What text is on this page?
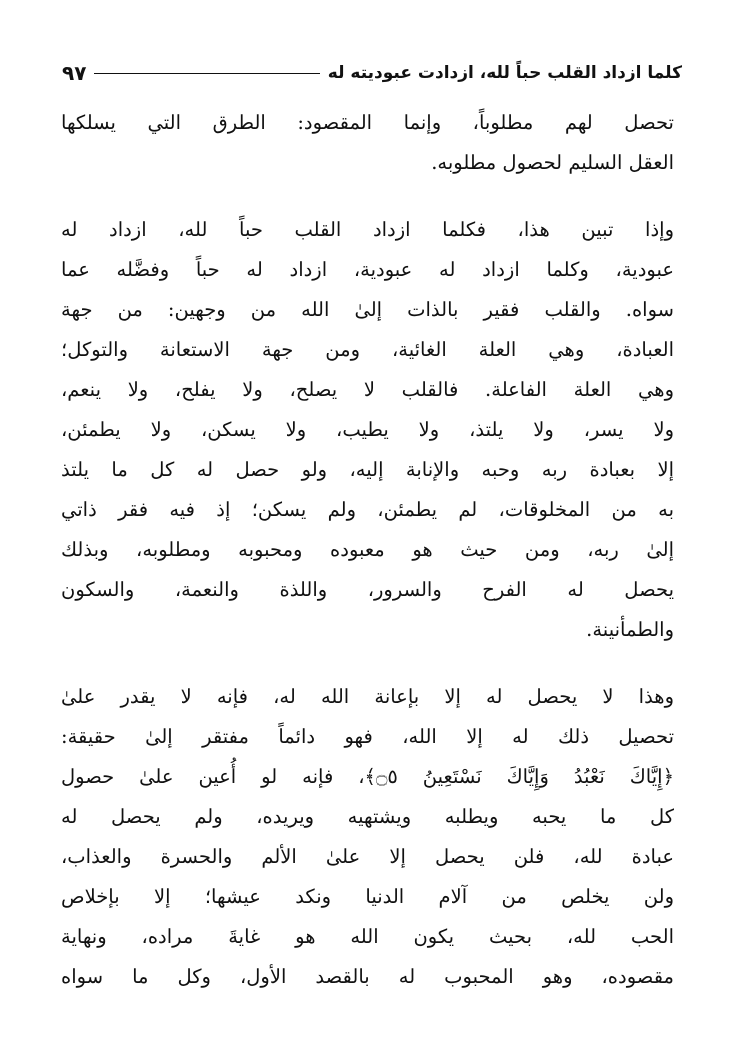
كلما ازداد القلب حباً لله، ازدادت عبوديته له
٩٧
تحصل لهم مطلوباً، وإنما المقصود: الطرق التي يسلكها
العقل السليم لحصول مطلوبه.
وإذا تبين هذا، فكلما ازداد القلب حباً لله، ازداد له
عبودية، وكلما ازداد له عبودية، ازداد له حباً وفضَّله عما
سواه. والقلب فقير بالذات إلىٰ الله من وجهين: من جهة
العبادة، وهي العلة الغائية، ومن جهة الاستعانة والتوكل؛
وهي العلة الفاعلة. فالقلب لا يصلح، ولا يفلح، ولا ينعم،
ولا يسر، ولا يلتذ، ولا يطيب، ولا يسكن، ولا يطمئن،
إلا بعبادة ربه وحبه والإنابة إليه، ولو حصل له كل ما يلتذ
به من المخلوقات، لم يطمئن، ولم يسكن؛ إذ فيه فقر ذاتي
إلىٰ ربه، ومن حيث هو معبوده ومحبوبه ومطلوبه، وبذلك
يحصل له الفرح والسرور، واللذة والنعمة، والسكون
والطمأنينة.
وهذا لا يحصل له إلا بإعانة الله له، فإنه لا يقدر علىٰ
تحصيل ذلك له إلا الله، فهو دائماً مفتقر إلىٰ حقيقة:
﴿إِيَّاكَ نَعْبُدُ وَإِيَّاكَ نَسْتَعِينُ ۝٥﴾، فإنه لو أُعين علىٰ حصول
كل ما يحبه ويطلبه ويشتهيه ويريده، ولم يحصل له
عبادة لله، فلن يحصل إلا علىٰ الألم والحسرة والعذاب،
ولن يخلص من آلام الدنيا ونكد عيشها؛ إلا بإخلاص
الحب لله، بحيث يكون الله هو غايةَ مراده، ونهاية
مقصوده، وهو المحبوب له بالقصد الأول، وكل ما سواه
